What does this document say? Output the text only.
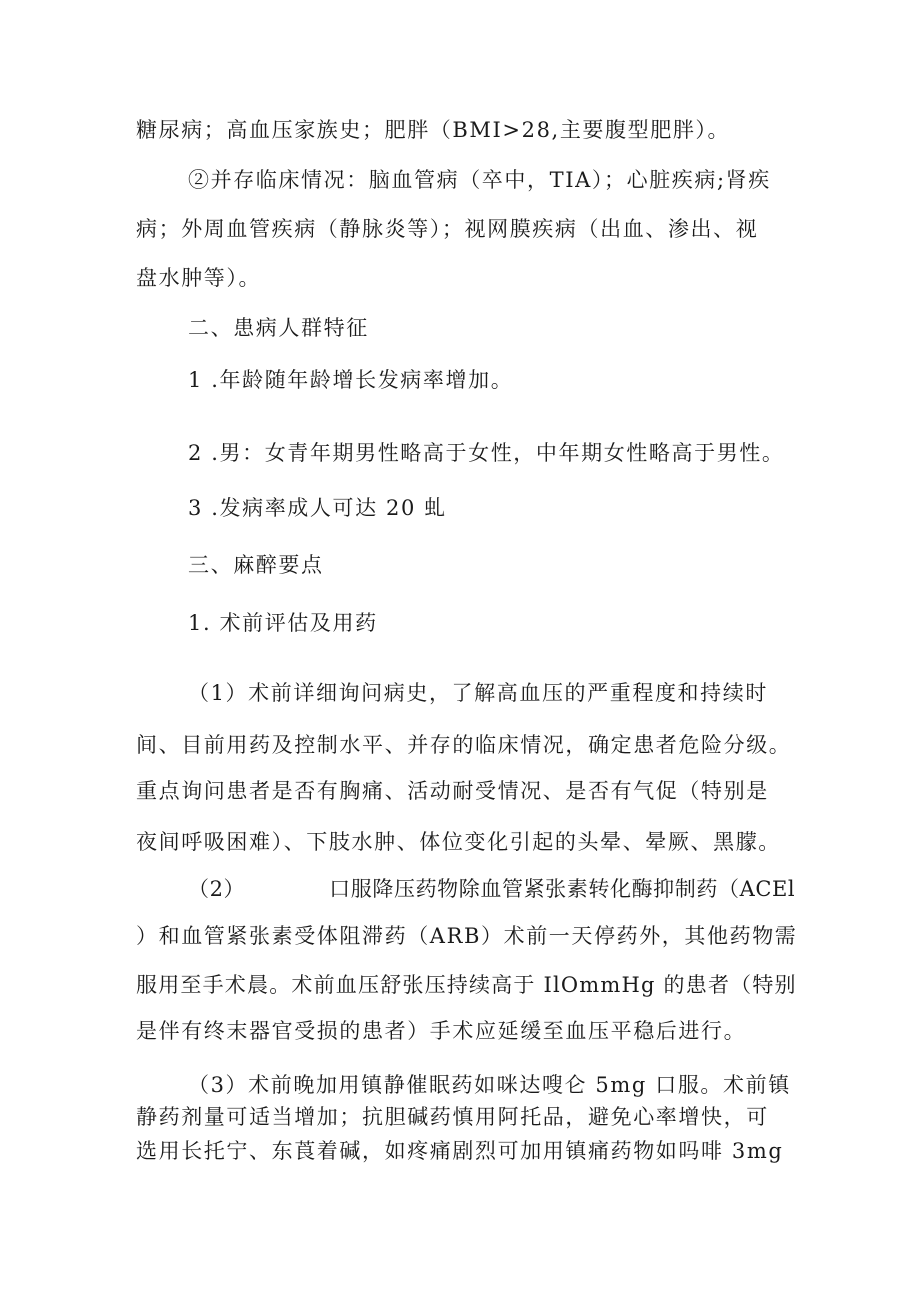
糖尿病；高血压家族史；肥胖（BMI>28,主要腹型肥胖）。

②并存临床情况：脑血管病（卒中，TIA）；心脏疾病;肾疾

病；外周血管疾病（静脉炎等）；视网膜疾病（出血、渗出、视

盘水肿等）。

二、患病人群特征

1 .年龄随年龄增长发病率增加。

2 .男：女青年期男性略高于女性，中年期女性略高于男性。

3 .发病率成人可达 20 虬

三、麻醉要点

1. 术前评估及用药

（1）术前详细询问病史，了解高血压的严重程度和持续时

间、目前用药及控制水平、并存的临床情况，确定患者危险分级。

重点询问患者是否有胸痛、活动耐受情况、是否有气促（特别是

夜间呼吸困难）、下肢水肿、体位变化引起的头晕、晕厥、黑朦。

（2）	口服降压药物除血管紧张素转化酶抑制药（ACEl

）和血管紧张素受体阻滞药（ARB）术前一天停药外，其他药物需

服用至手术晨。术前血压舒张压持续高于 IlOmmHg 的患者（特别

是伴有终末器官受损的患者）手术应延缓至血压平稳后进行。

（3）术前晚加用镇静催眠药如咪达嗖仑 5mg 口服。术前镇

静药剂量可适当增加；抗胆碱药慎用阿托品，避免心率增快，可

选用长托宁、东莨着碱，如疼痛剧烈可加用镇痛药物如吗啡 3mg
